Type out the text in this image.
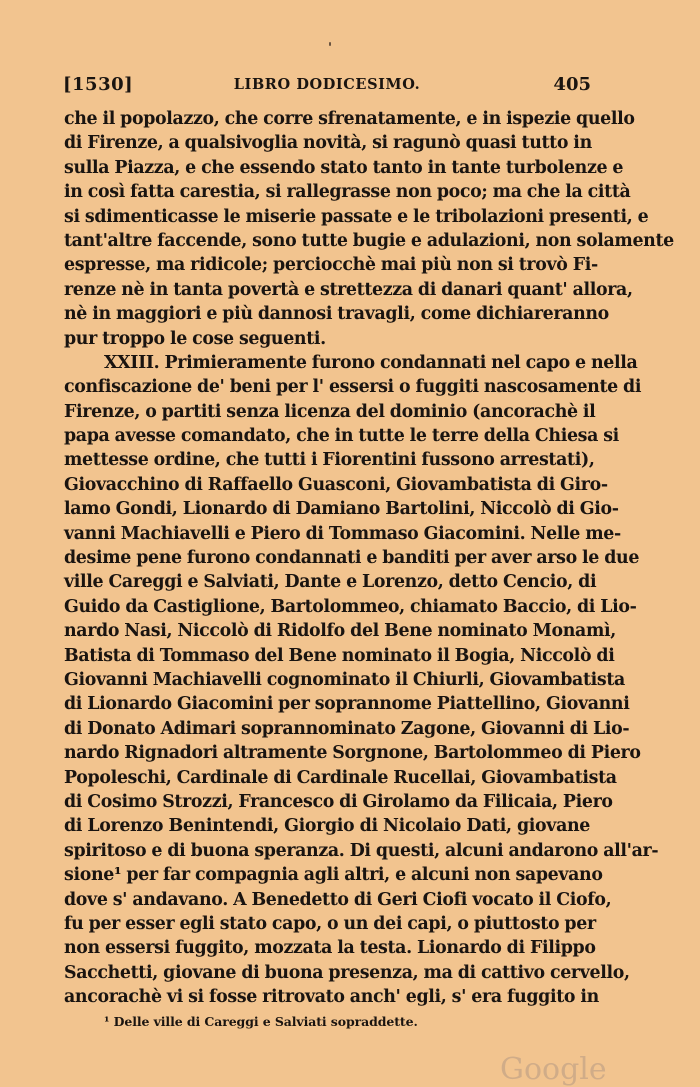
[1530]	LIBRO DODICESIMO.	405
che il popolazzo, che corre sfrenatamente, e in ispezie quello
di Firenze, a qualsivoglia novità, si ragunò quasi tutto in
sulla Piazza, e che essendo stato tanto in tante turbolenze e
in così fatta carestia, si rallegrasse non poco; ma che la città
si sdimenticasse le miserie passate e le tribolazioni presenti, e
tant'altre faccende, sono tutte bugie e adulazioni, non solamente
espresse, ma ridicole; perciocchè mai più non si trovò Fi-
renze nè in tanta povertà e strettezza di danari quant' allora,
nè in maggiori e più dannosi travagli, come dichiareranno
pur troppo le cose seguenti.
XXIII. Primieramente furono condannati nel capo e nella
confiscazione de' beni per l' essersi o fuggiti nascosamente di
Firenze, o partiti senza licenza del dominio (ancorachè il
papa avesse comandato, che in tutte le terre della Chiesa si
mettesse ordine, che tutti i Fiorentini fussono arrestati),
Giovacchino di Raffaello Guasconi, Giovambatista di Giro-
lamo Gondi, Lionardo di Damiano Bartolini, Niccolò di Gio-
vanni Machiavelli e Piero di Tommaso Giacomini. Nelle me-
desime pene furono condannati e banditi per aver arso le due
ville Careggi e Salviati, Dante e Lorenzo, detto Cencio, di
Guido da Castiglione, Bartolommeo, chiamato Baccio, di Lio-
nardo Nasi, Niccolò di Ridolfo del Bene nominato Monamì,
Batista di Tommaso del Bene nominato il Bogia, Niccolò di
Giovanni Machiavelli cognominato il Chiurli, Giovambatista
di Lionardo Giacomini per soprannome Piattellino, Giovanni
di Donato Adimari soprannominato Zagone, Giovanni di Lio-
nardo Rignadori altramente Sorgnone, Bartolommeo di Piero
Popoleschi, Cardinale di Cardinale Rucellai, Giovambatista
di Cosimo Strozzi, Francesco di Girolamo da Filicaia, Piero
di Lorenzo Benintendi, Giorgio di Nicolaio Dati, giovane
spiritoso e di buona speranza. Di questi, alcuni andarono all'ar-
sione¹ per far compagnia agli altri, e alcuni non sapevano
dove s' andavano. A Benedetto di Geri Ciofi vocato il Ciofo,
fu per esser egli stato capo, o un dei capi, o piuttosto per
non essersi fuggito, mozzata la testa. Lionardo di Filippo
Sacchetti, giovane di buona presenza, ma di cattivo cervello,
ancorachè vi si fosse ritrovato anch' egli, s' era fuggito in
¹ Delle ville di Careggi e Salviati sopraddette.
Google
